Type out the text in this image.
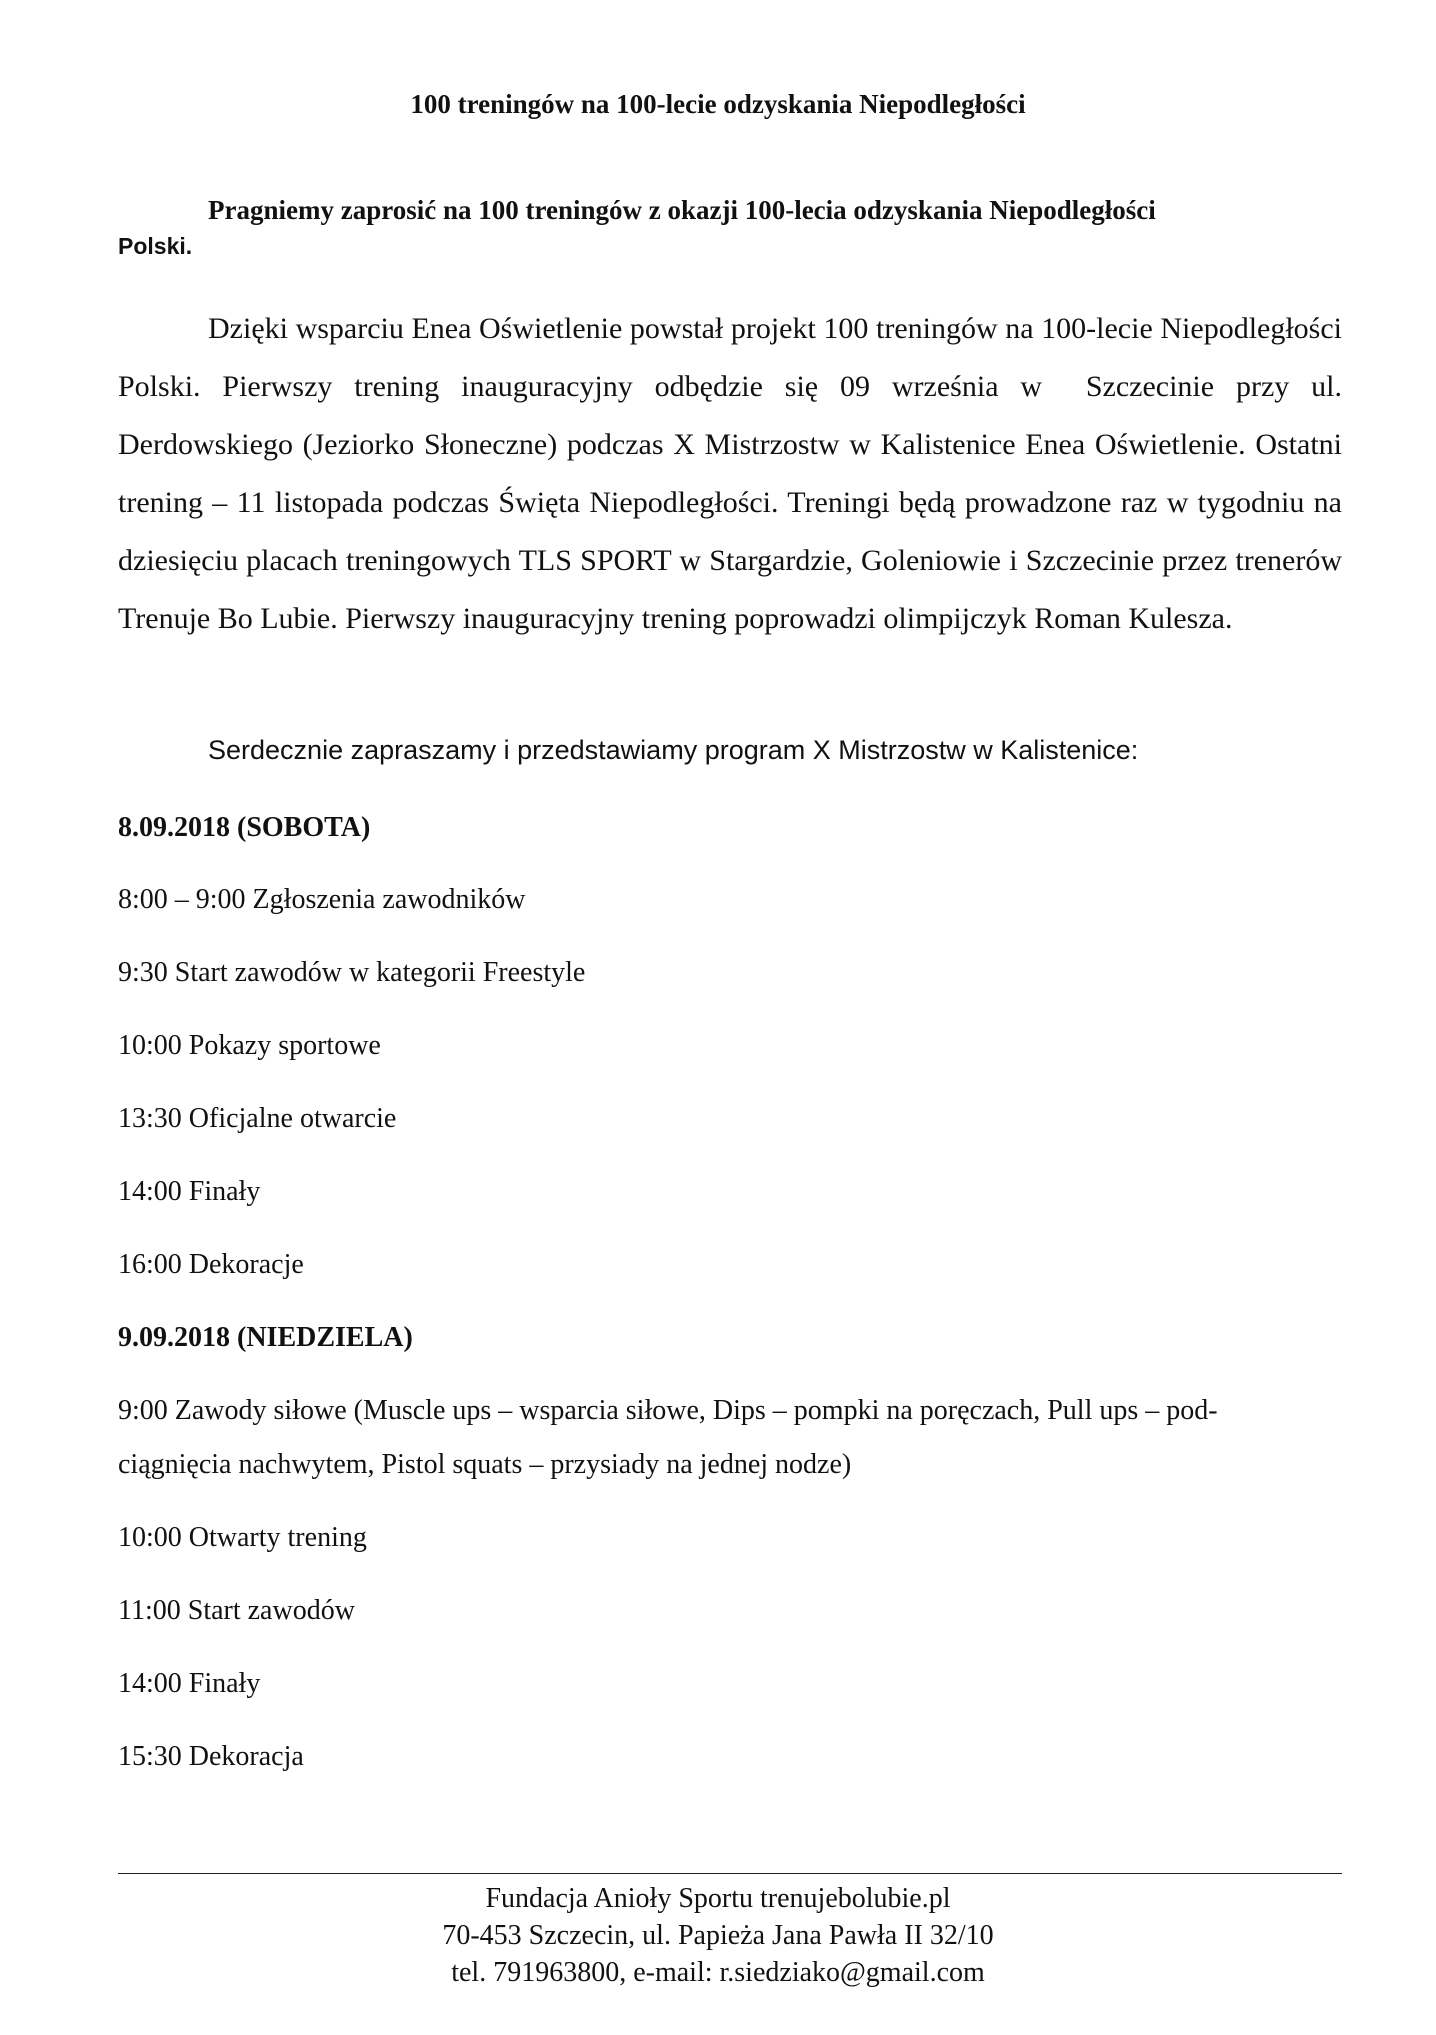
100 treningów na 100-lecie odzyskania Niepodległości
Pragniemy zaprosić na 100 treningów z okazji 100-lecia odzyskania Niepodległości
Polski.

Dzięki wsparciu Enea Oświetlenie powstał projekt 100 treningów na 100-lecie Niepodległości Polski. Pierwszy trening inauguracyjny odbędzie się 09 września w  Szczecinie przy ul. Derdowskiego (Jeziorko Słoneczne) podczas X Mistrzostw w Kalistenice Enea Oświetlenie. Ostatni trening – 11 listopada podczas Święta Niepodległości. Treningi będą prowadzone raz w tygodniu na dziesięciu placach treningowych TLS SPORT w Stargardzie, Goleniowie i Szczecinie przez trenerów Trenuje Bo Lubie. Pierwszy inauguracyjny trening poprowadzi olimpijczyk Roman Kulesza.

Serdecznie zapraszamy i przedstawiamy program X Mistrzostw w Kalistenice:

8.09.2018 (SOBOTA)

8:00 – 9:00 Zgłoszenia zawodników

9:30 Start zawodów w kategorii Freestyle

10:00 Pokazy sportowe

13:30 Oficjalne otwarcie

14:00 Finały

16:00 Dekoracje

9.09.2018 (NIEDZIELA)

9:00 Zawody siłowe (Muscle ups – wsparcia siłowe, Dips – pompki na poręczach, Pull ups – pod-

ciągnięcia nachwytem, Pistol squats – przysiady na jednej nodze)

10:00 Otwarty trening

11:00 Start zawodów

14:00 Finały

15:30 Dekoracja

Fundacja Anioły Sportu trenujebolubie.pl
70-453 Szczecin, ul. Papieża Jana Pawła II 32/10
tel. 791963800, e-mail: r.siedziako@gmail.com
